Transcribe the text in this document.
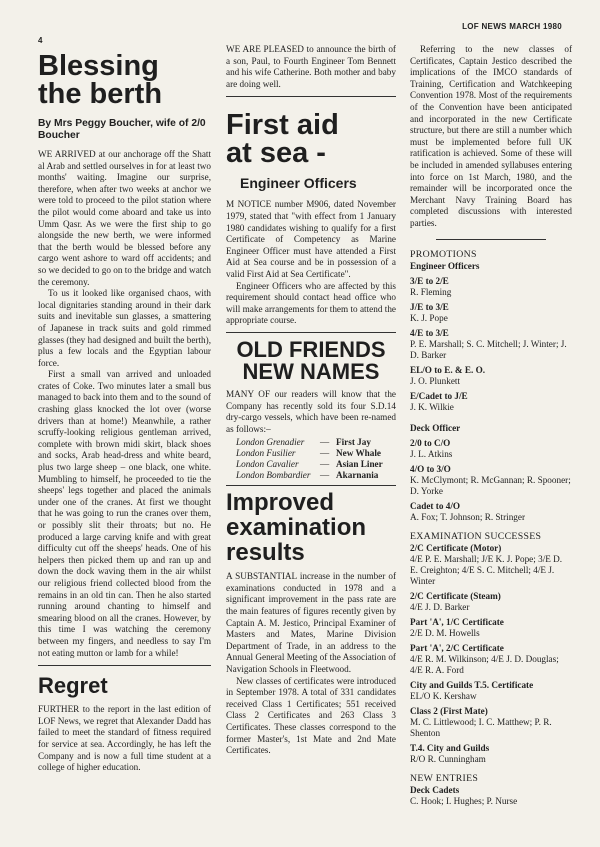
4
LOF NEWS MARCH 1980
Blessing
the berth
By Mrs Peggy Boucher, wife of 2/0 Boucher

WE ARRIVED at our anchorage off the Shatt al Arab and settled ourselves in for at least two months' waiting. Imagine our surprise, therefore, when after two weeks at anchor we were told to proceed to the pilot station where the pilot would come aboard and take us into Umm Qasr. As we were the first ship to go alongside the new berth, we were informed that the berth would be blessed before any cargo went ashore to ward off accidents; and so we decided to go on to the bridge and watch the ceremony.

To us it looked like organised chaos, with local dignitaries standing around in their dark suits and inevitable sun glasses, a smattering of Japanese in track suits and gold rimmed glasses (they had designed and built the berth), plus a few locals and the Egyptian labour force.

First a small van arrived and unloaded crates of Coke. Two minutes later a small bus managed to back into them and to the sound of crashing glass knocked the lot over (worse drivers than at home!) Meanwhile, a rather scruffy-looking religious gentleman arrived, complete with brown midi skirt, black shoes and socks, Arab head-dress and white beard, plus two large sheep – one black, one white. Mumbling to himself, he proceeded to tie the sheeps' legs together and placed the animals under one of the cranes. At first we thought that he was going to run the cranes over them, or possibly slit their throats; but no. He produced a large carving knife and with great difficulty cut off the sheeps' heads. One of his helpers then picked them up and ran up and down the dock waving them in the air whilst our religious friend collected blood from the remains in an old tin can. Then he also started running around chanting to himself and smearing blood on all the cranes. However, by this time I was watching the ceremony between my fingers, and needless to say I'm not eating mutton or lamb for a while!

Regret

FURTHER to the report in the last edition of LOF News, we regret that Alexander Dadd has failed to meet the standard of fitness required for service at sea. Accordingly, he has left the Company and is now a full time student at a college of higher education.

WE ARE PLEASED to announce the birth of a son, Paul, to Fourth Engineer Tom Bennett and his wife Catherine. Both mother and baby are doing well.

First aid
at sea -
Engineer Officers

M NOTICE number M906, dated November 1979, stated that "with effect from 1 January 1980 candidates wishing to qualify for a first Certificate of Competency as Marine Engineer Officer must have attended a First Aid at Sea course and be in possession of a valid First Aid at Sea Certificate".

Engineer Officers who are affected by this requirement should contact head office who will make arrangements for them to attend the appropriate course.

OLD FRIENDS
NEW NAMES

MANY OF our readers will know that the Company has recently sold its four S.D.14 dry-cargo vessels, which have been re-named as follows:–

London Grenadier	—	First Jay
London Fusilier	—	New Whale
London Cavalier	—	Asian Liner
London Bombardier	—	Akarnania
Improved
examination
results

A SUBSTANTIAL increase in the number of examinations conducted in 1978 and a significant improvement in the pass rate are the main features of figures recently given by Captain A. M. Jestico, Principal Examiner of Masters and Mates, Marine Division Department of Trade, in an address to the Annual General Meeting of the Association of Navigation Schools in Fleetwood.

New classes of certificates were introduced in September 1978. A total of 331 candidates received Class 1 Certificates; 551 received Class 2 Certificates and 263 Class 3 Certificates. These classes correspond to the former Master's, 1st Mate and 2nd Mate Certificates.

Referring to the new classes of Certificates, Captain Jestico described the implications of the IMCO standards of Training, Certification and Watchkeeping Convention 1978. Most of the requirements of the Convention have been anticipated and incorporated in the new Certificate structure, but there are still a number which must be implemented before full UK ratification is achieved. Some of these will be included in amended syllabuses entering into force on 1st March, 1980, and the remainder will be incorporated once the Merchant Navy Training Board has completed discussions with interested parties.

PROMOTIONS
Engineer Officers
3/E to 2/E
R. Fleming
J/E to 3/E
K. J. Pope
4/E to 3/E
P. E. Marshall; S. C. Mitchell; J. Winter; J. D. Barker
EL/O to E. & E. O.
J. O. Plunkett
E/Cadet to J/E
J. K. Wilkie
Deck Officer
2/0 to C/O
J. L. Atkins
4/O to 3/O
K. McClymont; R. McGannan; R. Spooner; D. Yorke
Cadet to 4/O
A. Fox; T. Johnson; R. Stringer
EXAMINATION SUCCESSES
2/C Certificate (Motor)
4/E P. E. Marshall; J/E K. J. Pope; 3/E D. E. Creighton; 4/E S. C. Mitchell; 4/E J. Winter
2/C Certificate (Steam)
4/E J. D. Barker
Part 'A', 1/C Certificate
2/E D. M. Howells
Part 'A', 2/C Certificate
4/E R. M. Wilkinson; 4/E J. D. Douglas; 4/E R. A. Ford
City and Guilds T.5. Certificate
EL/O K. Kershaw
Class 2 (First Mate)
M. C. Littlewood; I. C. Matthew; P. R. Shenton
T.4. City and Guilds
R/O R. Cunningham
NEW ENTRIES
Deck Cadets
C. Hook; I. Hughes; P. Nurse
